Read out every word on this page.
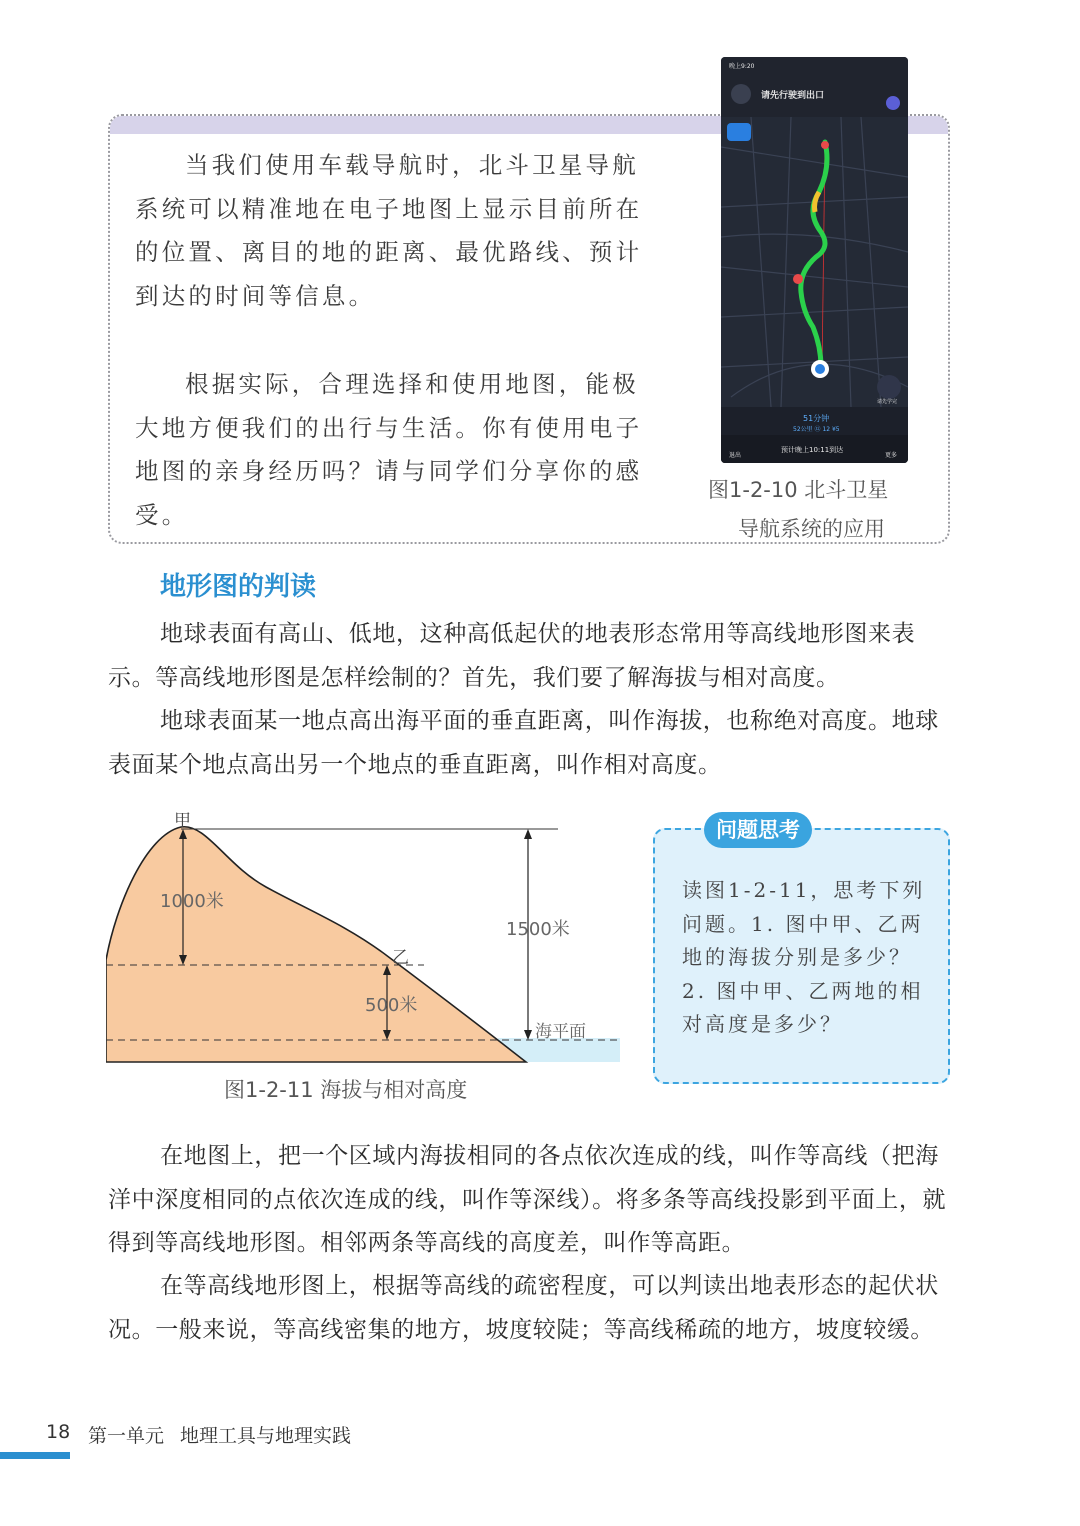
当我们使用车载导航时，北斗卫星导航系统可以精准地在电子地图上显示目前所在的位置、离目的地的距离、最优路线、预计到达的时间等信息。
根据实际，合理选择和使用地图，能极大地方便我们的出行与生活。你有使用电子地图的亲身经历吗？请与同学们分享你的感受。
晚上9:20
请先行驶到出口
51分钟
52公里 ⑫ 12 ¥5
预计晚上10:11到达
退出	更多
请先学完
图1-2-10 北斗卫星
导航系统的应用
地形图的判读
地球表面有高山、低地，这种高低起伏的地表形态常用等高线地形图来表示。等高线地形图是怎样绘制的？首先，我们要了解海拔与相对高度。
地球表面某一地点高出海平面的垂直距离，叫作海拔，也称绝对高度。地球表面某个地点高出另一个地点的垂直距离，叫作相对高度。
甲
乙
1000米
500米
1500米
海平面
图1-2-11 海拔与相对高度
问题思考
读图1-2-11，思考下列问题。1. 图中甲、乙两地的海拔分别是多少？2. 图中甲、乙两地的相对高度是多少？
在地图上，把一个区域内海拔相同的各点依次连成的线，叫作等高线（把海洋中深度相同的点依次连成的线，叫作等深线）。将多条等高线投影到平面上，就得到等高线地形图。相邻两条等高线的高度差，叫作等高距。
在等高线地形图上，根据等高线的疏密程度，可以判读出地表形态的起伏状况。一般来说，等高线密集的地方，坡度较陡；等高线稀疏的地方，坡度较缓。
18 第一单元 地理工具与地理实践
